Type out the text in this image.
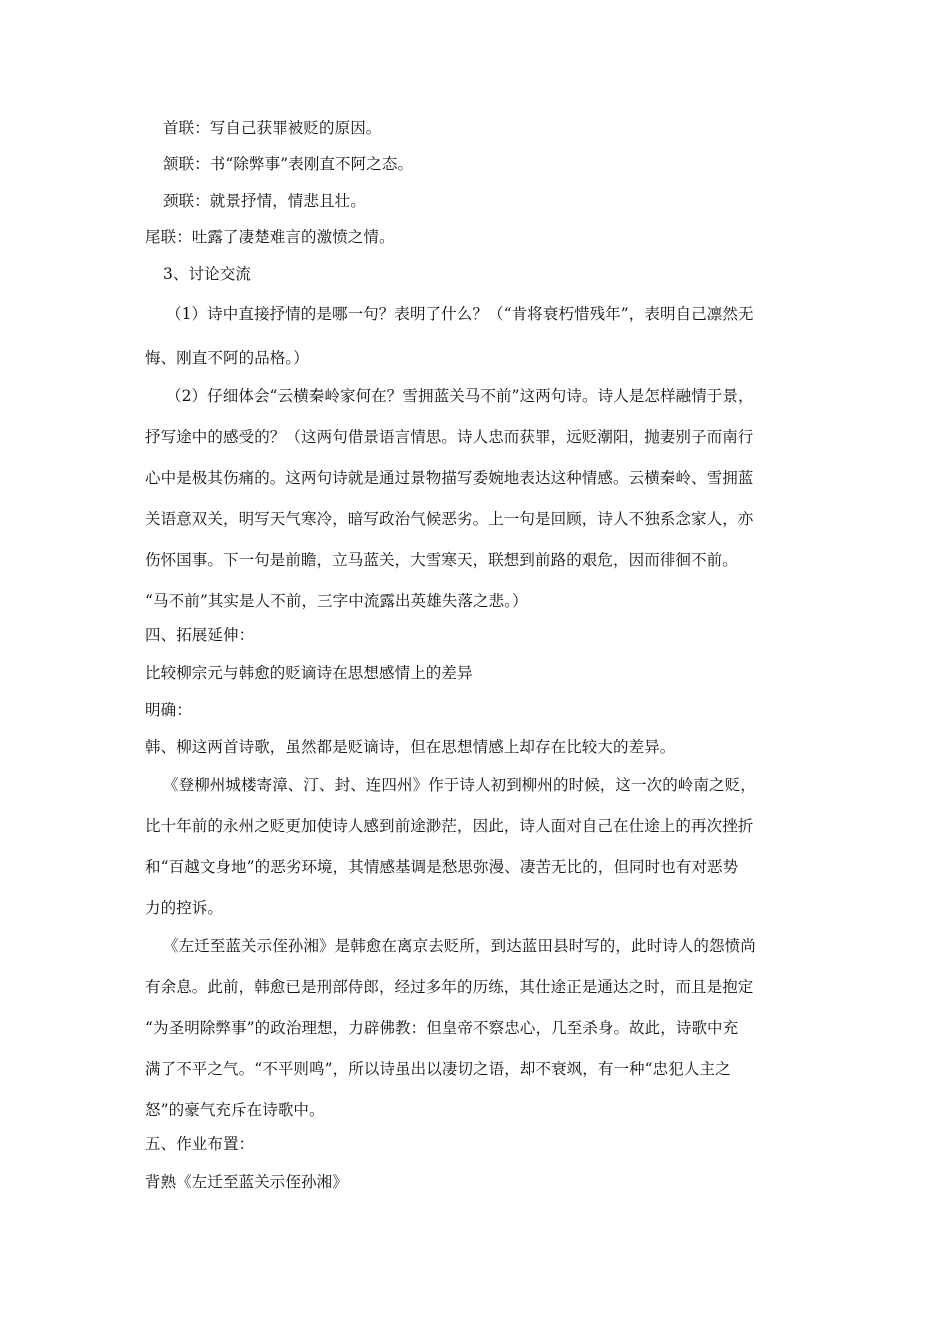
首联：写自己获罪被贬的原因。
颔联：书“除弊事”表刚直不阿之态。
颈联：就景抒情，情悲且壮。
尾联：吐露了凄楚难言的激愤之情。
3、讨论交流
（1）诗中直接抒情的是哪一句？表明了什么？（“肯将衰朽惜残年”，表明自己凛然无
悔、刚直不阿的品格。）
（2）仔细体会“云横秦岭家何在？雪拥蓝关马不前”这两句诗。诗人是怎样融情于景，
抒写途中的感受的？（这两句借景语言情思。诗人忠而获罪，远贬潮阳，抛妻别子而南行
心中是极其伤痛的。这两句诗就是通过景物描写委婉地表达这种情感。云横秦岭、雪拥蓝
关语意双关，明写天气寒冷，暗写政治气候恶劣。上一句是回顾，诗人不独系念家人，亦
伤怀国事。下一句是前瞻，立马蓝关，大雪寒天，联想到前路的艰危，因而徘徊不前。
“马不前”其实是人不前，三字中流露出英雄失落之悲。）
四、拓展延伸：
比较柳宗元与韩愈的贬谪诗在思想感情上的差异
明确：
韩、柳这两首诗歌，虽然都是贬谪诗，但在思想情感上却存在比较大的差异。
《登柳州城楼寄漳、汀、封、连四州》作于诗人初到柳州的时候，这一次的岭南之贬，
比十年前的永州之贬更加使诗人感到前途渺茫，因此，诗人面对自己在仕途上的再次挫折
和“百越文身地”的恶劣环境，其情感基调是愁思弥漫、凄苦无比的，但同时也有对恶势
力的控诉。
《左迁至蓝关示侄孙湘》是韩愈在离京去贬所，到达蓝田县时写的，此时诗人的怨愤尚
有余息。此前，韩愈已是刑部侍郎，经过多年的历练，其仕途正是通达之时，而且是抱定
“为圣明除弊事”的政治理想，力辟佛教：但皇帝不察忠心，几至杀身。故此，诗歌中充
满了不平之气。“不平则鸣”，所以诗虽出以凄切之语，却不衰飒，有一种“忠犯人主之
怒”的豪气充斥在诗歌中。
五、作业布置：
背熟《左迁至蓝关示侄孙湘》
